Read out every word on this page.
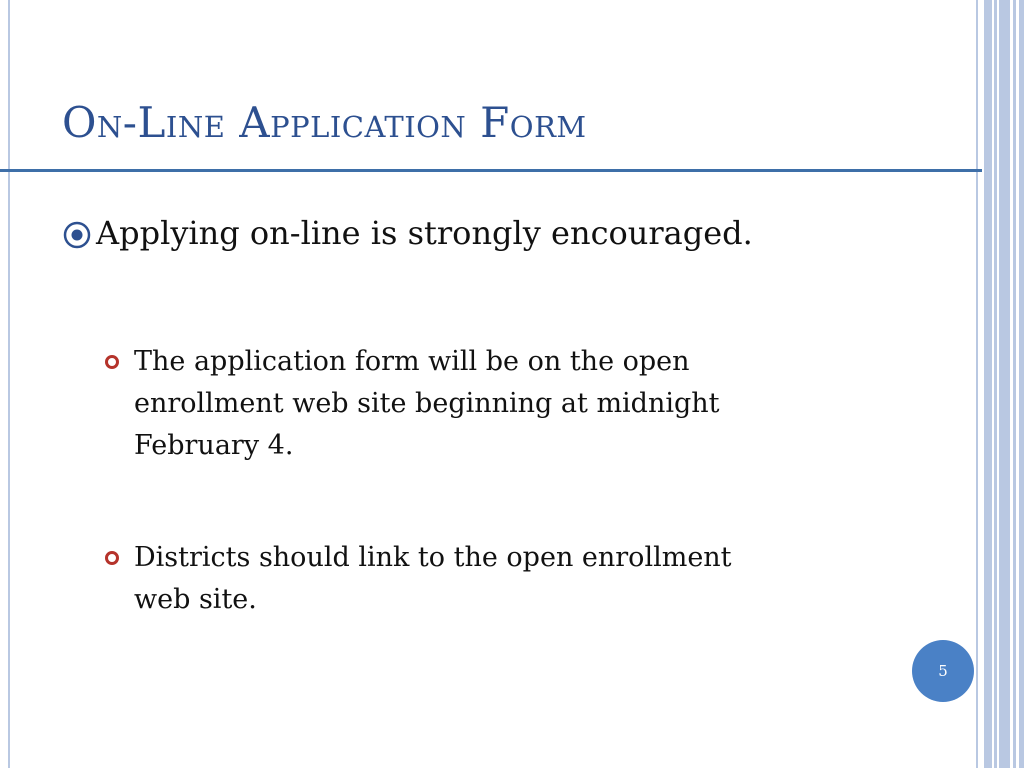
On-Line Application Form
Applying on-line is strongly encouraged.
The application form will be on the open
enrollment web site beginning at midnight
February 4.
Districts should link to the open enrollment
web site.
5
